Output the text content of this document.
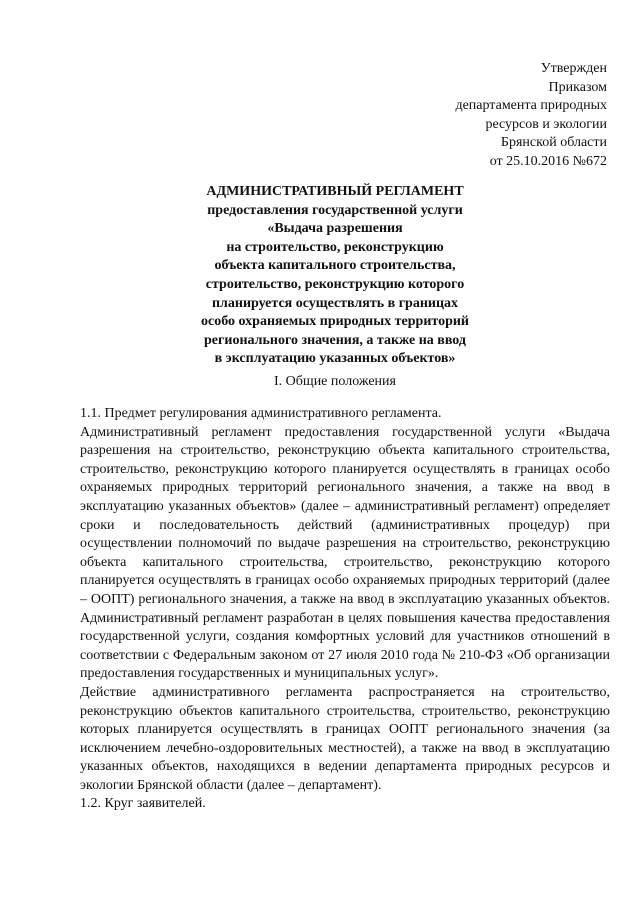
Утвержден
Приказом
департамента природных
ресурсов и экологии
Брянской области
от 25.10.2016 №672
АДМИНИСТРАТИВНЫЙ РЕГЛАМЕНТ
предоставления государственной услуги
«Выдача разрешения
на строительство, реконструкцию
объекта капитального строительства,
строительство, реконструкцию которого
планируется осуществлять в границах
особо охраняемых природных территорий
регионального значения, а также на ввод
в эксплуатацию указанных объектов»
I. Общие положения

1.1. Предмет регулирования административного регламента.

Административный регламент предоставления государственной услуги «Выдача разрешения на строительство, реконструкцию объекта капитального строительства, строительство, реконструкцию которого планируется осуществлять в границах особо охраняемых природных территорий регионального значения, а также на ввод в эксплуатацию указанных объектов» (далее – административный регламент) определяет сроки и последовательность действий (административных процедур) при осуществлении полномочий по выдаче разрешения на строительство, реконструкцию объекта капитального строительства, строительство, реконструкцию которого планируется осуществлять в границах особо охраняемых природных территорий (далее – ООПТ) регионального значения, а также на ввод в эксплуатацию указанных объектов. Административный регламент разработан в целях повышения качества предоставления государственной услуги, создания комфортных условий для участников отношений в соответствии с Федеральным законом от 27 июля 2010 года № 210-ФЗ «Об организации предоставления государственных и муниципальных услуг».

Действие административного регламента распространяется на строительство, реконструкцию объектов капитального строительства, строительство, реконструкцию которых планируется осуществлять в границах ООПТ регионального значения (за исключением лечебно-оздоровительных местностей), а также на ввод в эксплуатацию указанных объектов, находящихся в ведении департамента природных ресурсов и экологии Брянской области (далее – департамент).

1.2. Круг заявителей.
